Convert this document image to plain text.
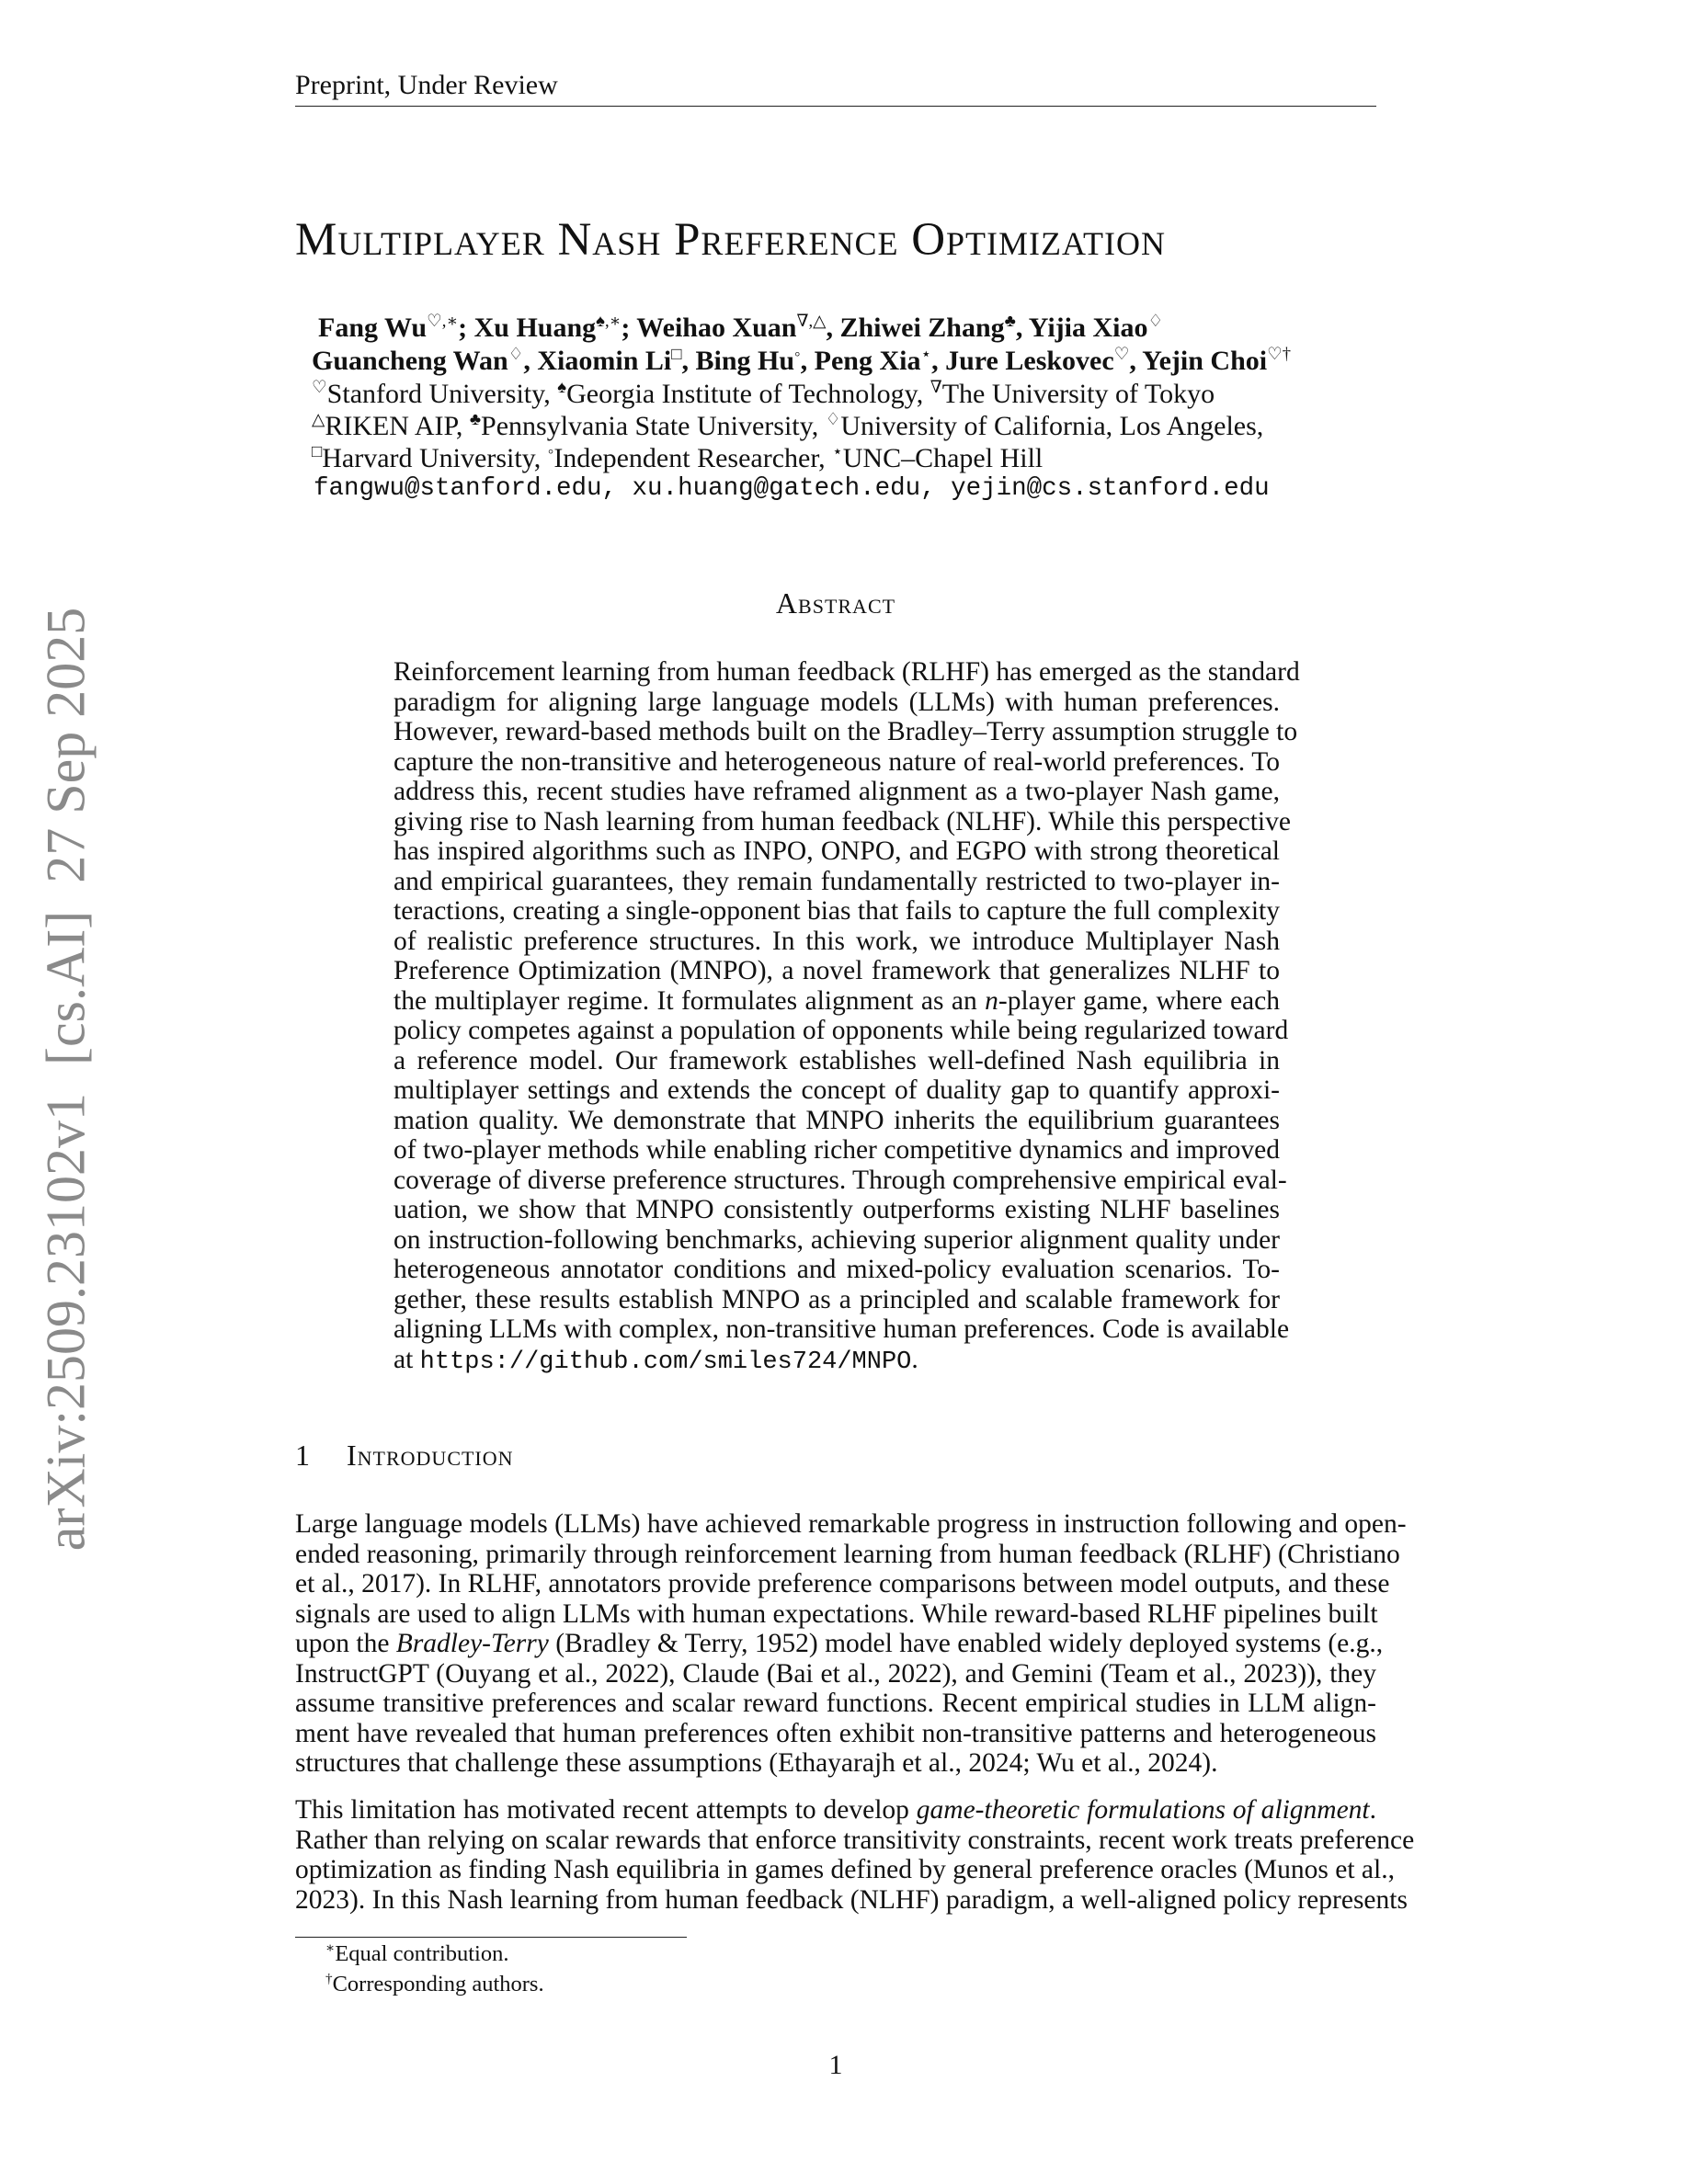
Preprint, Under Review
Multiplayer Nash Preference Optimization
Fang Wu♡,∗; Xu Huang♠,∗; Weihao Xuan∇,△, Zhiwei Zhang♣, Yijia Xiao♢
Guancheng Wan♢, Xiaomin Li□, Bing Hu◦, Peng Xia⋆, Jure Leskovec♡, Yejin Choi♡†
♡Stanford University, ♠Georgia Institute of Technology, ∇The University of Tokyo
△RIKEN AIP, ♣Pennsylvania State University, ♢University of California, Los Angeles,
□Harvard University, ◦Independent Researcher, ⋆UNC–Chapel Hill
fangwu@stanford.edu, xu.huang@gatech.edu, yejin@cs.stanford.edu
Abstract
Reinforcement learning from human feedback (RLHF) has emerged as the standard
paradigm for aligning large language models (LLMs) with human preferences.
However, reward-based methods built on the Bradley–Terry assumption struggle to
capture the non-transitive and heterogeneous nature of real-world preferences. To
address this, recent studies have reframed alignment as a two-player Nash game,
giving rise to Nash learning from human feedback (NLHF). While this perspective
has inspired algorithms such as INPO, ONPO, and EGPO with strong theoretical
and empirical guarantees, they remain fundamentally restricted to two-player in-
teractions, creating a single-opponent bias that fails to capture the full complexity
of realistic preference structures. In this work, we introduce Multiplayer Nash
Preference Optimization (MNPO), a novel framework that generalizes NLHF to
the multiplayer regime. It formulates alignment as an n-player game, where each
policy competes against a population of opponents while being regularized toward
a reference model. Our framework establishes well-defined Nash equilibria in
multiplayer settings and extends the concept of duality gap to quantify approxi-
mation quality. We demonstrate that MNPO inherits the equilibrium guarantees
of two-player methods while enabling richer competitive dynamics and improved
coverage of diverse preference structures. Through comprehensive empirical eval-
uation, we show that MNPO consistently outperforms existing NLHF baselines
on instruction-following benchmarks, achieving superior alignment quality under
heterogeneous annotator conditions and mixed-policy evaluation scenarios. To-
gether, these results establish MNPO as a principled and scalable framework for
aligning LLMs with complex, non-transitive human preferences. Code is available
at https://github.com/smiles724/MNPO.
1 Introduction
Large language models (LLMs) have achieved remarkable progress in instruction following and open-
ended reasoning, primarily through reinforcement learning from human feedback (RLHF) (Christiano
et al., 2017). In RLHF, annotators provide preference comparisons between model outputs, and these
signals are used to align LLMs with human expectations. While reward-based RLHF pipelines built
upon the Bradley-Terry (Bradley & Terry, 1952) model have enabled widely deployed systems (e.g.,
InstructGPT (Ouyang et al., 2022), Claude (Bai et al., 2022), and Gemini (Team et al., 2023)), they
assume transitive preferences and scalar reward functions. Recent empirical studies in LLM align-
ment have revealed that human preferences often exhibit non-transitive patterns and heterogeneous
structures that challenge these assumptions (Ethayarajh et al., 2024; Wu et al., 2024).
This limitation has motivated recent attempts to develop game-theoretic formulations of alignment.
Rather than relying on scalar rewards that enforce transitivity constraints, recent work treats preference
optimization as finding Nash equilibria in games defined by general preference oracles (Munos et al.,
2023). In this Nash learning from human feedback (NLHF) paradigm, a well-aligned policy represents
∗Equal contribution.
†Corresponding authors.
1
arXiv:2509.23102v1  [cs.AI]  27 Sep 2025
